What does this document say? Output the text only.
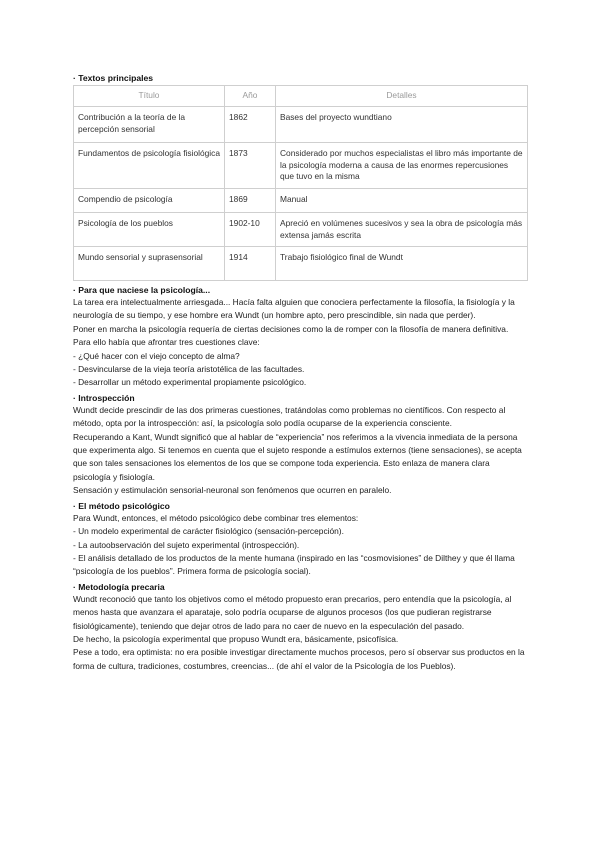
· Textos principales
Título	Año	Detalles
Contribución a la teoría de la percepción sensorial	1862	Bases del proyecto wundtiano
Fundamentos de psicología fisiológica	1873	Considerado por muchos especialistas el libro más importante de la psicología moderna a causa de las enormes repercusiones que tuvo en la misma
Compendio de psicología	1869	Manual
Psicología de los pueblos	1902-10	Apreció en volúmenes sucesivos y sea la obra de psicología más extensa jamás escrita
Mundo sensorial y suprasensorial	1914	Trabajo fisiológico final de Wundt
· Para que naciese la psicología...

La tarea era intelectualmente arriesgada... Hacía falta alguien que conociera perfectamente la filosofía, la fisiología y la neurología de su tiempo, y ese hombre era Wundt (un hombre apto, pero prescindible, sin nada que perder).

Poner en marcha la psicología requería de ciertas decisiones como la de romper con la filosofía de manera definitiva. Para ello había que afrontar tres cuestiones clave:

- ¿Qué hacer con el viejo concepto de alma?

- Desvincularse de la vieja teoría aristotélica de las facultades.

- Desarrollar un método experimental propiamente psicológico.

· Introspección

Wundt decide prescindir de las dos primeras cuestiones, tratándolas como problemas no científicos. Con respecto al método, opta por la introspección: así, la psicología solo podía ocuparse de la experiencia consciente.

Recuperando a Kant, Wundt significó que al hablar de “experiencia” nos referimos a la vivencia inmediata de la persona que experimenta algo. Si tenemos en cuenta que el sujeto responde a estímulos externos (tiene sensaciones), se acepta que son tales sensaciones los elementos de los que se compone toda experiencia. Esto enlaza de manera clara psicología y fisiología.

Sensación y estimulación sensorial-neuronal son fenómenos que ocurren en paralelo.

· El método psicológico

Para Wundt, entonces, el método psicológico debe combinar tres elementos:

- Un modelo experimental de carácter fisiológico (sensación-percepción).

- La autoobservación del sujeto experimental (introspección).

- El análisis detallado de los productos de la mente humana (inspirado en las “cosmovisiones” de Dilthey y que él llama “psicología de los pueblos”. Primera forma de psicología social).

· Metodología precaria

Wundt reconoció que tanto los objetivos como el método propuesto eran precarios, pero entendía que la psicología, al menos hasta que avanzara el aparataje, solo podría ocuparse de algunos procesos (los que pudieran registrarse fisiológicamente), teniendo que dejar otros de lado para no caer de nuevo en la especulación del pasado.

De hecho, la psicología experimental que propuso Wundt era, básicamente, psicofísica.

Pese a todo, era optimista: no era posible investigar directamente muchos procesos, pero sí observar sus productos en la forma de cultura, tradiciones, costumbres, creencias... (de ahí el valor de la Psicología de los Pueblos).
